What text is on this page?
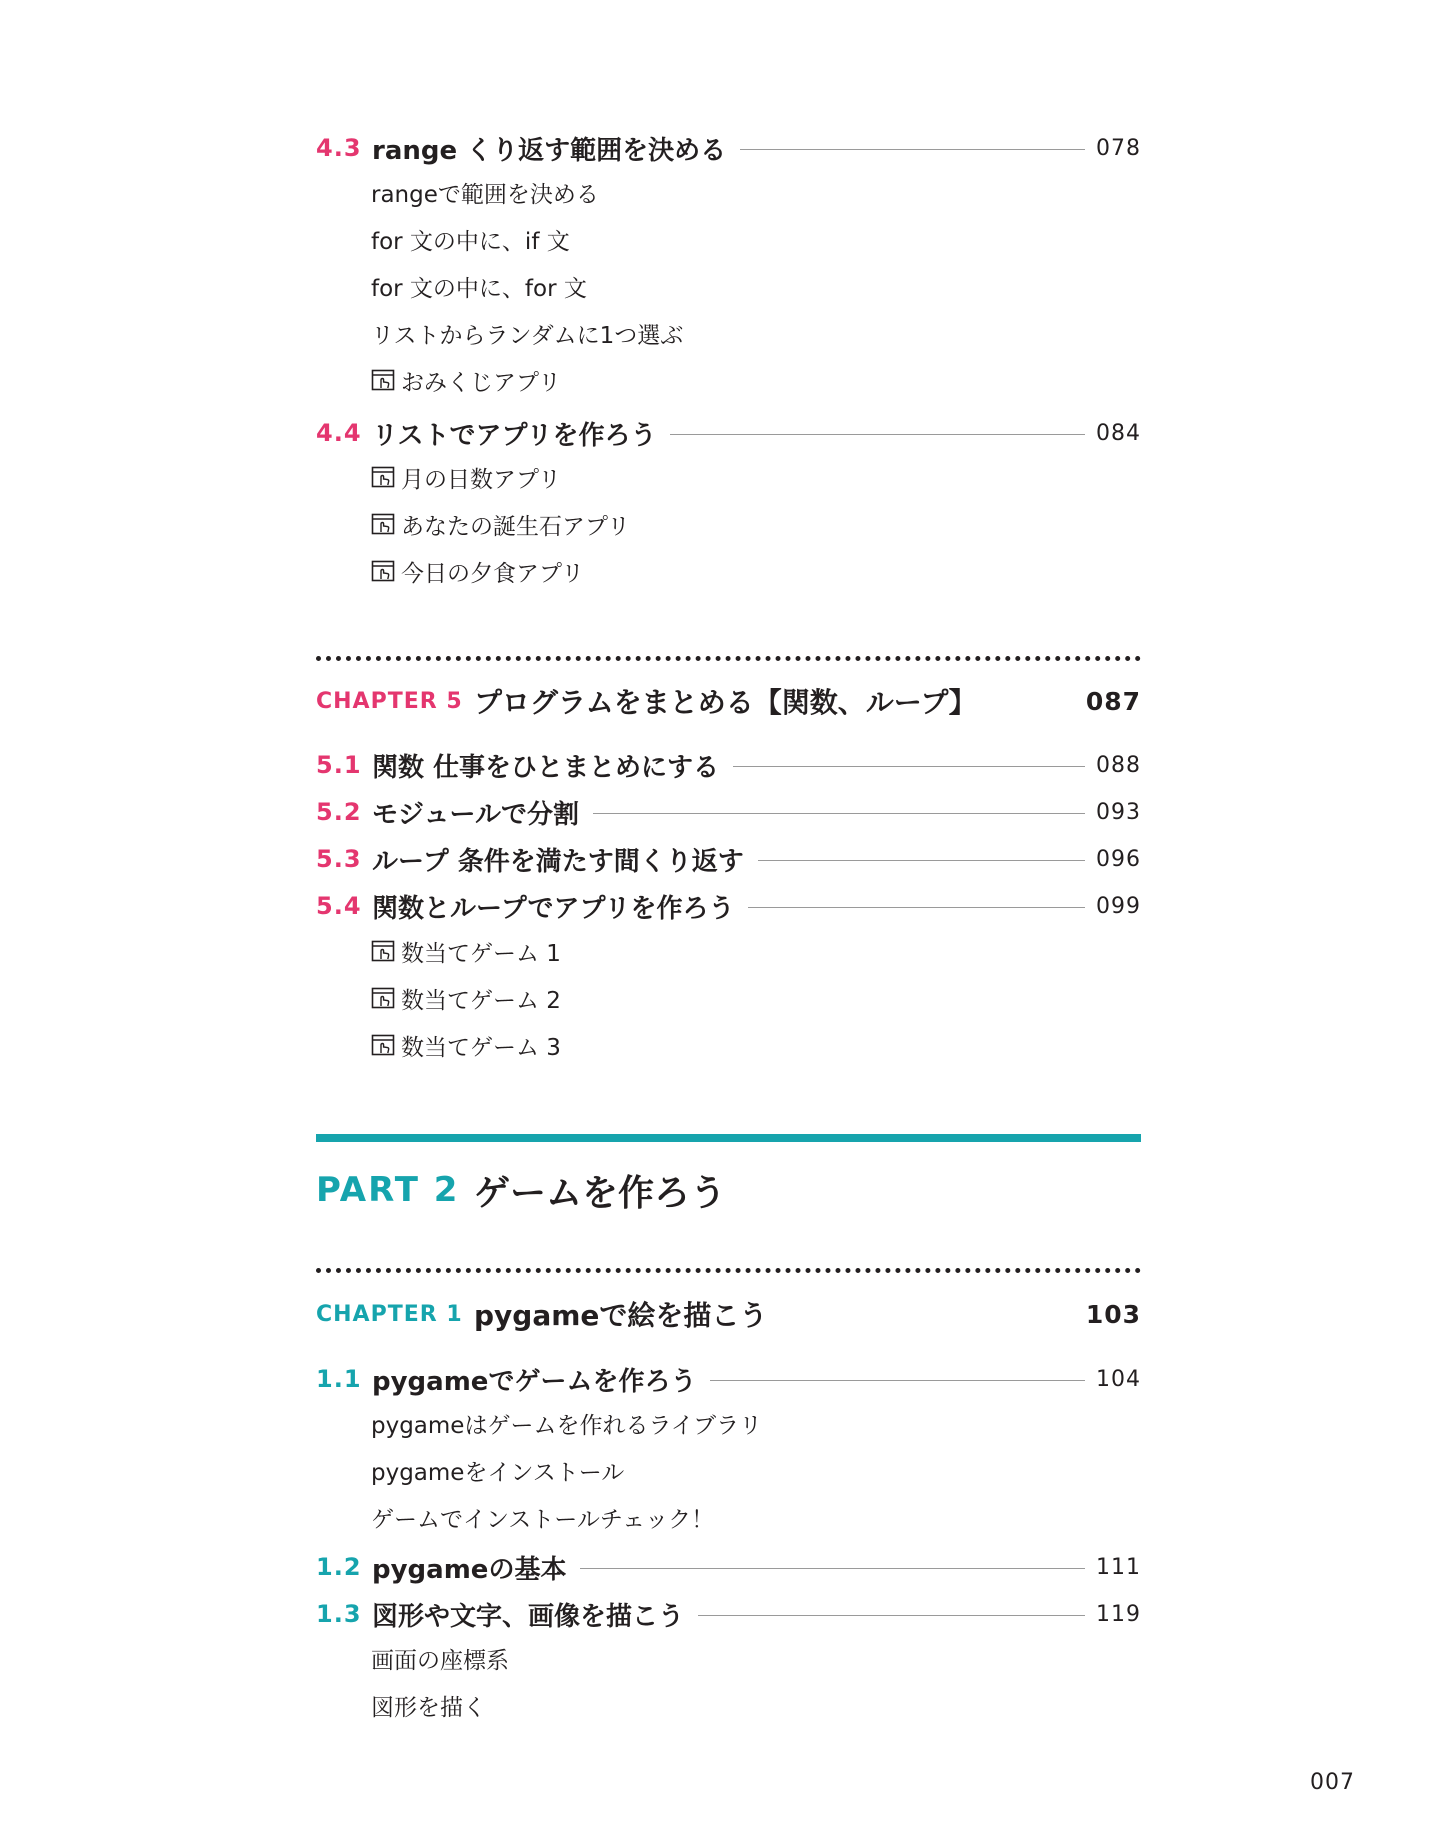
4.3 range くり返す範囲を決める	078
rangeで範囲を決める
for 文の中に、if 文
for 文の中に、for 文
リストからランダムに1つ選ぶ
おみくじアプリ
4.4 リストでアプリを作ろう	084
月の日数アプリ
あなたの誕生石アプリ
今日の夕食アプリ
CHAPTER 5 プログラムをまとめる【関数、ループ】	087
5.1 関数 仕事をひとまとめにする	088
5.2 モジュールで分割	093
5.3 ループ 条件を満たす間くり返す	096
5.4 関数とループでアプリを作ろう	099
数当てゲーム 1
数当てゲーム 2
数当てゲーム 3
PART 2 ゲームを作ろう
CHAPTER 1 pygameで絵を描こう	103
1.1 pygameでゲームを作ろう	104
pygameはゲームを作れるライブラリ
pygameをインストール
ゲームでインストールチェック！
1.2 pygameの基本	111
1.3 図形や文字、画像を描こう	119
画面の座標系
図形を描く
007
